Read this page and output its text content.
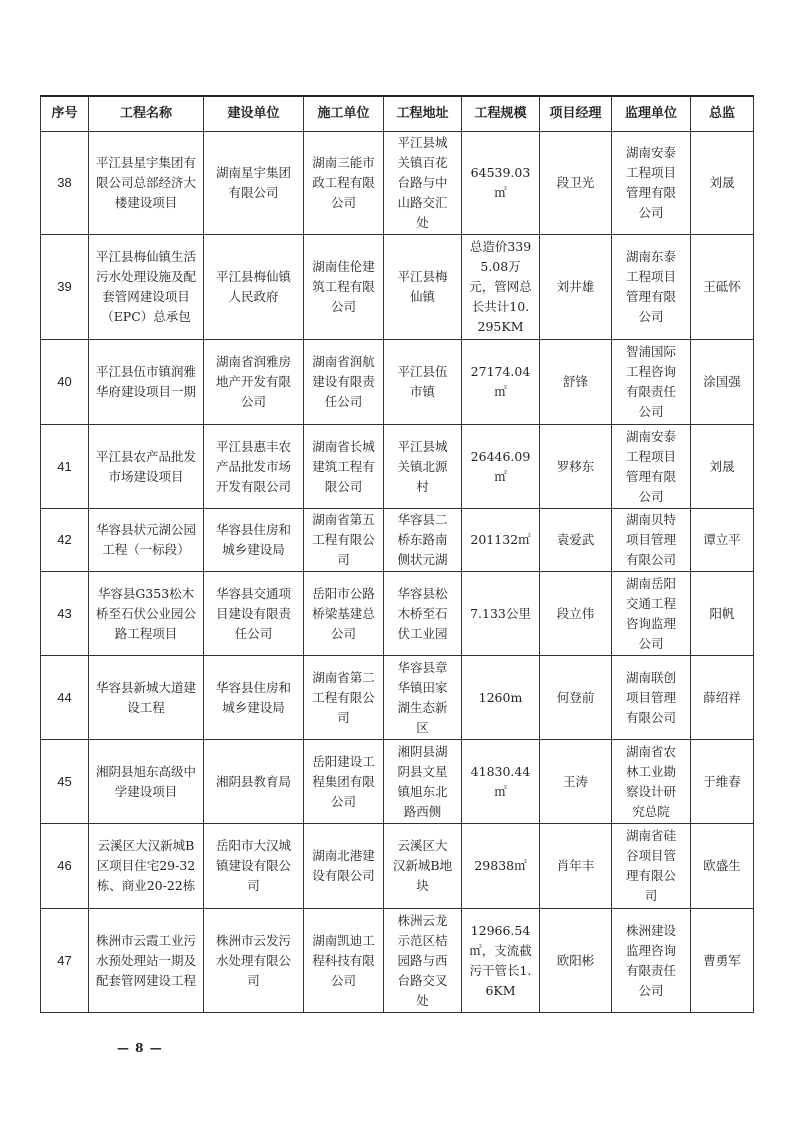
序号	工程名称	建设单位	施工单位	工程地址	工程规模	项目经理	监理单位	总监
38	平江县星宇集团有限公司总部经济大楼建设项目	湖南星宇集团有限公司	湖南三能市政工程有限公司	平江县城关镇百花台路与中山路交汇处	64539.03㎡	段卫光	湖南安泰工程项目管理有限公司	刘晟
39	平江县梅仙镇生活污水处理设施及配套管网建设项目（EPC）总承包	平江县梅仙镇人民政府	湖南佳伦建筑工程有限公司	平江县梅仙镇	总造价3395.08万元，管网总长共计10.295KM	刘井雄	湖南东泰工程项目管理有限公司	王砥怀
40	平江县伍市镇润雅华府建设项目一期	湖南省润雅房地产开发有限公司	湖南省润航建设有限责任公司	平江县伍市镇	27174.04㎡	舒锋	智浦国际工程咨询有限责任公司	涂国强
41	平江县农产品批发市场建设项目	平江县惠丰农产品批发市场开发有限公司	湖南省长城建筑工程有限公司	平江县城关镇北源村	26446.09㎡	罗移东	湖南安泰工程项目管理有限公司	刘晟
42	华容县状元湖公园工程（一标段）	华容县住房和城乡建设局	湖南省第五工程有限公司	华容县二桥东路南侧状元湖	201132㎡	袁爱武	湖南贝特项目管理有限公司	谭立平
43	华容县G353松木桥至石伏公业园公路工程项目	华容县交通项目建设有限责任公司	岳阳市公路桥梁基建总公司	华容县松木桥至石伏工业园	7.133公里	段立伟	湖南岳阳交通工程咨询监理公司	阳帆
44	华容县新城大道建设工程	华容县住房和城乡建设局	湖南省第二工程有限公司	华容县章华镇田家湖生态新区	1260m	何登前	湖南联创项目管理有限公司	薛绍祥
45	湘阴县旭东高级中学建设项目	湘阴县教育局	岳阳建设工程集团有限公司	湘阴县湖阴县文星镇旭东北路西侧	41830.44㎡	王涛	湖南省农林工业勘察设计研究总院	于维春
46	云溪区大汉新城B区项目住宅29-32栋、商业20-22栋	岳阳市大汉城镇建设有限公司	湖南北港建设有限公司	云溪区大汉新城B地块	29838㎡	肖年丰	湖南省硅谷项目管理有限公司	欧盛生
47	株洲市云霞工业污水预处理站一期及配套管网建设工程	株洲市云发污水处理有限公司	湖南凯迪工程科技有限公司	株洲云龙示范区桔园路与西台路交叉处	12966.54㎡，支流截污干管长1.6KM	欧阳彬	株洲建设监理咨询有限责任公司	曹勇军
— 8 —
